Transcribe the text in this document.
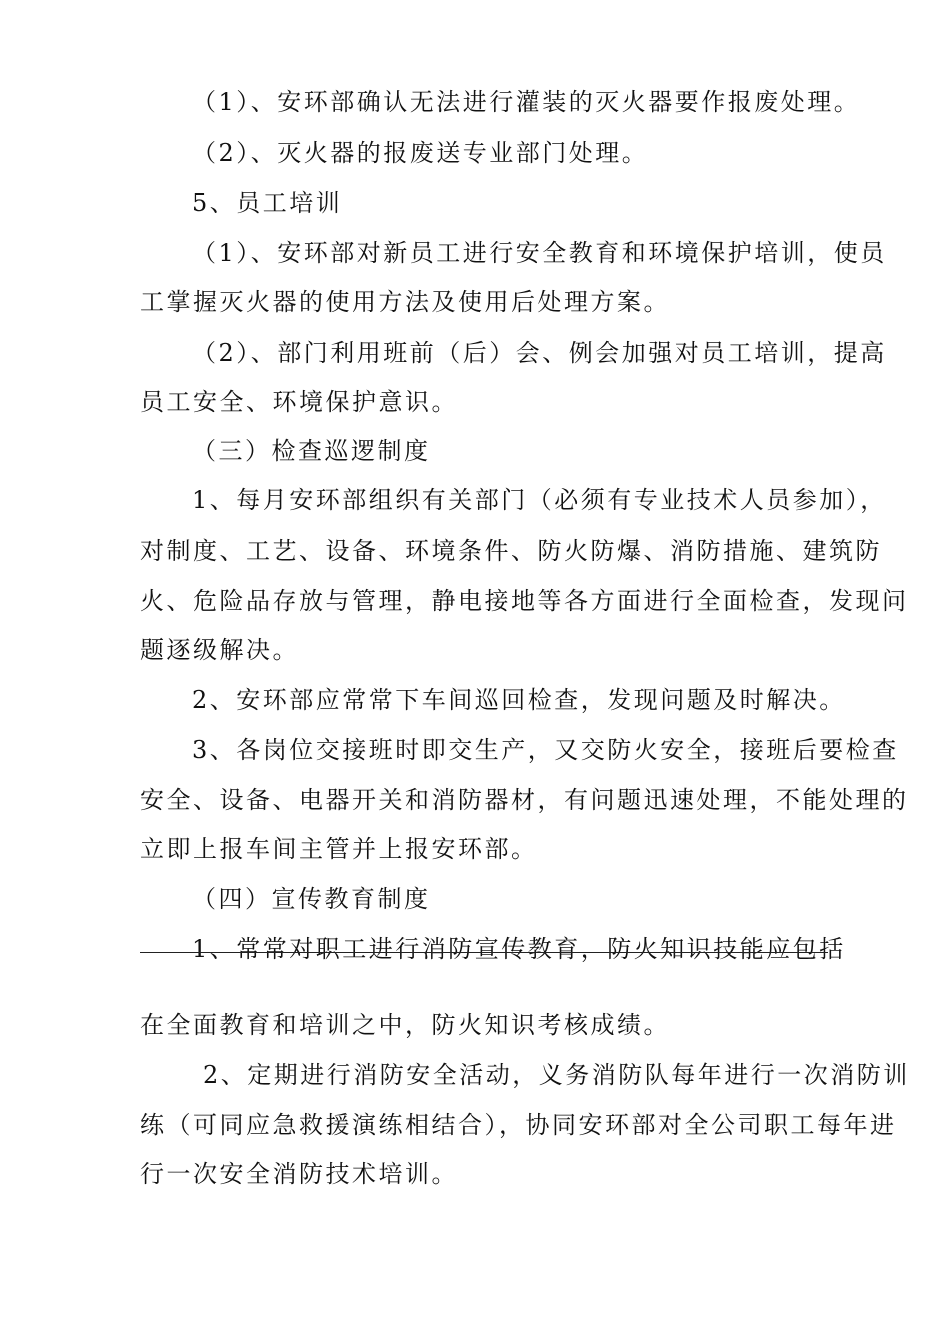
（1）、安环部确认无法进行灌装的灭火器要作报废处理。
（2）、灭火器的报废送专业部门处理。
5、员工培训
（1）、安环部对新员工进行安全教育和环境保护培训，使员
工掌握灭火器的使用方法及使用后处理方案。
（2）、部门利用班前（后）会、例会加强对员工培训，提高
员工安全、环境保护意识。
（三）检查巡逻制度
1、每月安环部组织有关部门（必须有专业技术人员参加），
对制度、工艺、设备、环境条件、防火防爆、消防措施、建筑防
火、危险品存放与管理，静电接地等各方面进行全面检查，发现问
题逐级解决。
2、安环部应常常下车间巡回检查，发现问题及时解决。
3、各岗位交接班时即交生产，又交防火安全，接班后要检查
安全、设备、电器开关和消防器材，有问题迅速处理，不能处理的
立即上报车间主管并上报安环部。
（四）宣传教育制度
1、常常对职工进行消防宣传教育，防火知识技能应包括
在全面教育和培训之中，防火知识考核成绩。
2、定期进行消防安全活动，义务消防队每年进行一次消防训
练（可同应急救援演练相结合），协同安环部对全公司职工每年进
行一次安全消防技术培训。
